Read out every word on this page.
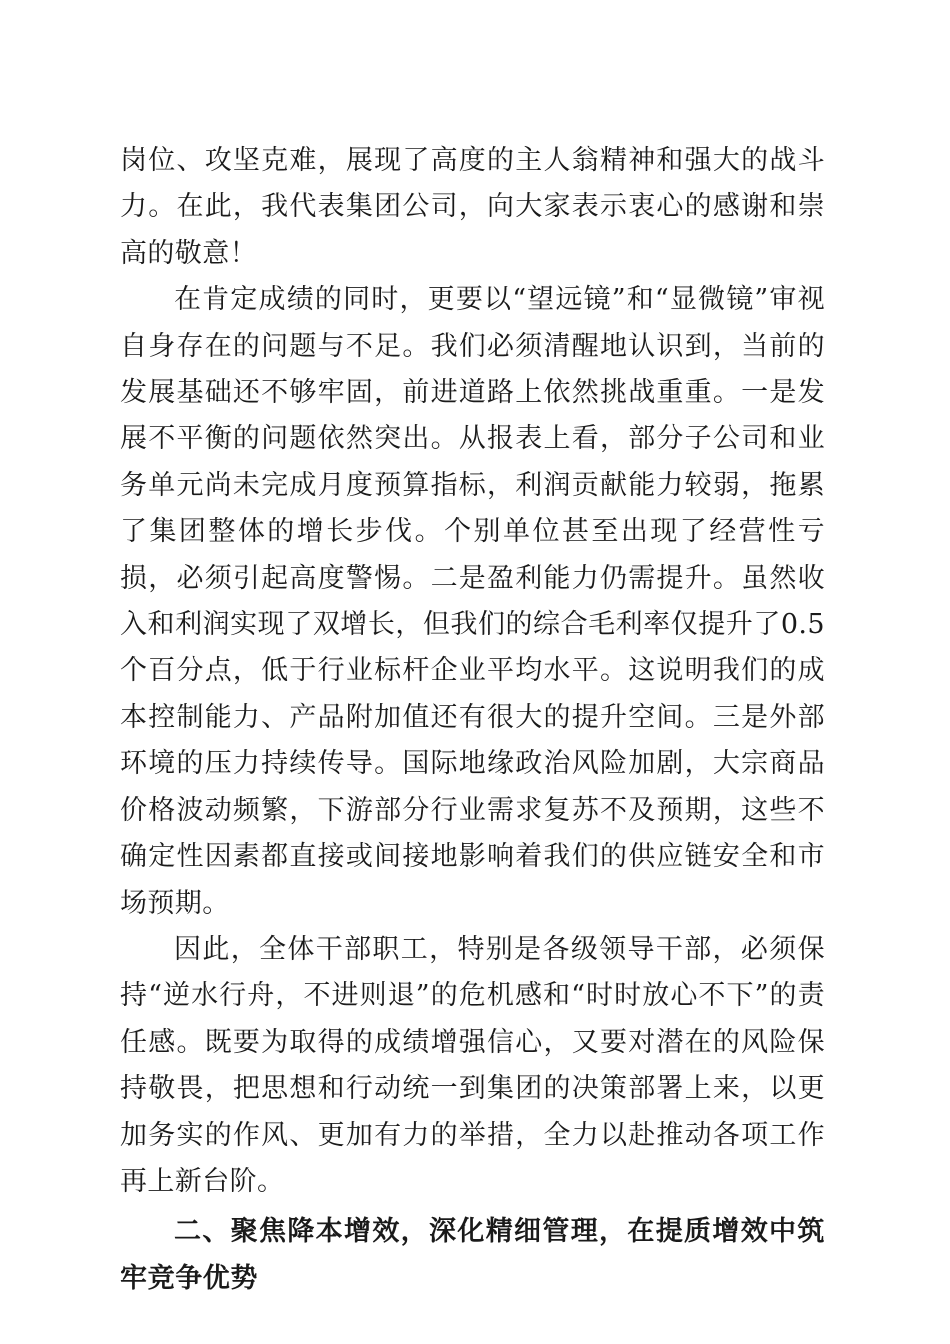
岗位、攻坚克难，展现了高度的主人翁精神和强大的战斗力。在此，我代表集团公司，向大家表示衷心的感谢和崇高的敬意！

在肯定成绩的同时，更要以“望远镜”和“显微镜”审视自身存在的问题与不足。我们必须清醒地认识到，当前的发展基础还不够牢固，前进道路上依然挑战重重。一是发展不平衡的问题依然突出。从报表上看，部分子公司和业务单元尚未完成月度预算指标，利润贡献能力较弱，拖累了集团整体的增长步伐。个别单位甚至出现了经营性亏损，必须引起高度警惕。二是盈利能力仍需提升。虽然收入和利润实现了双增长，但我们的综合毛利率仅提升了0.5个百分点，低于行业标杆企业平均水平。这说明我们的成本控制能力、产品附加值还有很大的提升空间。三是外部环境的压力持续传导。国际地缘政治风险加剧，大宗商品价格波动频繁，下游部分行业需求复苏不及预期，这些不确定性因素都直接或间接地影响着我们的供应链安全和市场预期。

因此，全体干部职工，特别是各级领导干部，必须保持“逆水行舟，不进则退”的危机感和“时时放心不下”的责任感。既要为取得的成绩增强信心，又要对潜在的风险保持敬畏，把思想和行动统一到集团的决策部署上来，以更加务实的作风、更加有力的举措，全力以赴推动各项工作再上新台阶。

二、聚焦降本增效，深化精细管理，在提质增效中筑牢竞争优势
